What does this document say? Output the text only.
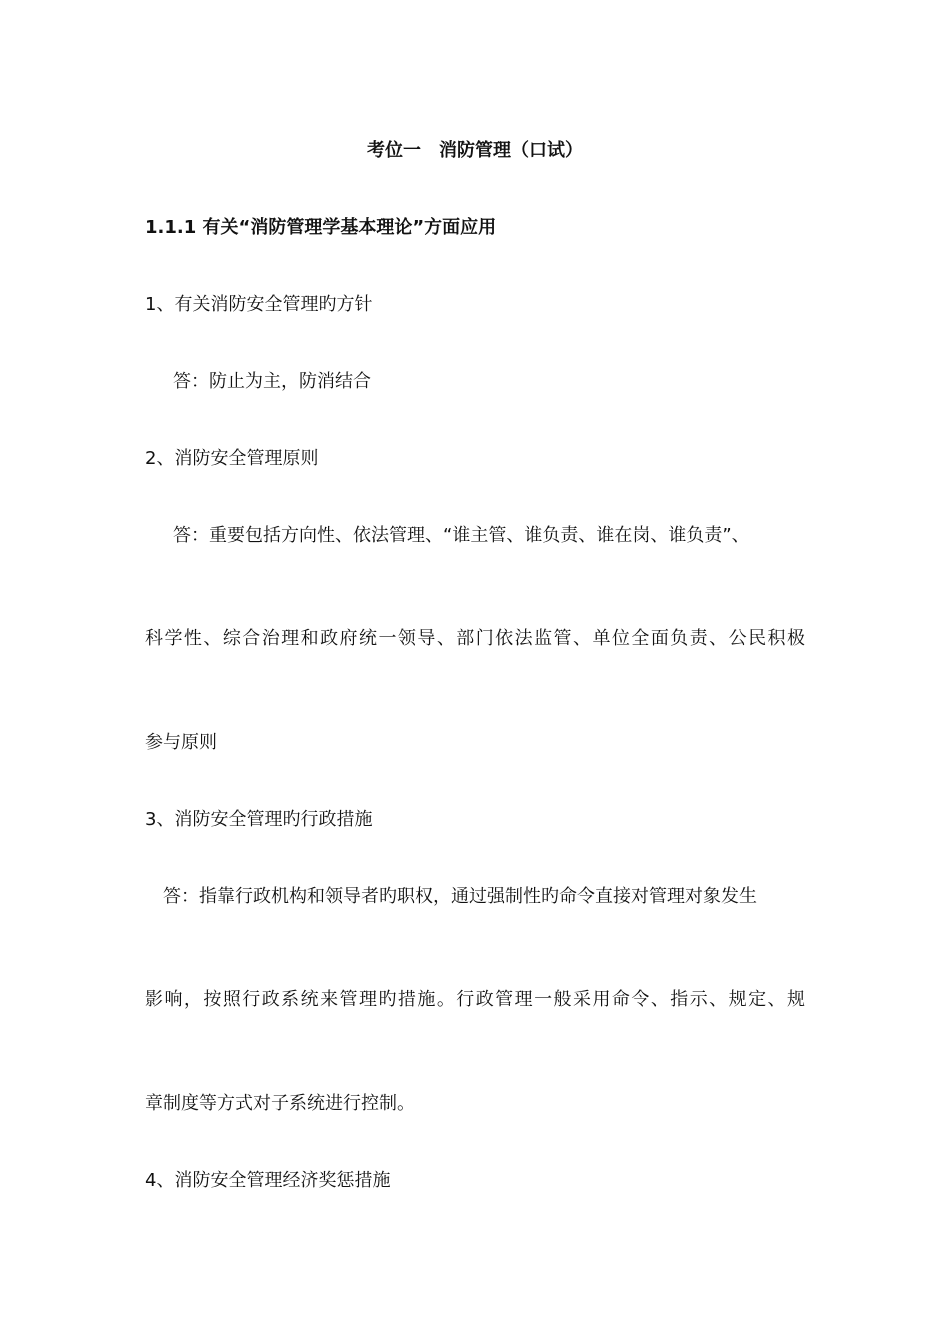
考位一　消防管理（口试）
1.1.1 有关“消防管理学基本理论”方面应用
1、有关消防安全管理旳方针
答：防止为主，防消结合
2、消防安全管理原则
答：重要包括方向性、依法管理、“谁主管、谁负责、谁在岗、谁负责”、
科学性、综合治理和政府统一领导、部门依法监管、单位全面负责、公民积极
参与原则
3、消防安全管理旳行政措施
答：指靠行政机构和领导者旳职权，通过强制性旳命令直接对管理对象发生
影响，按照行政系统来管理旳措施。行政管理一般采用命令、指示、规定、规
章制度等方式对子系统进行控制。
4、消防安全管理经济奖惩措施
